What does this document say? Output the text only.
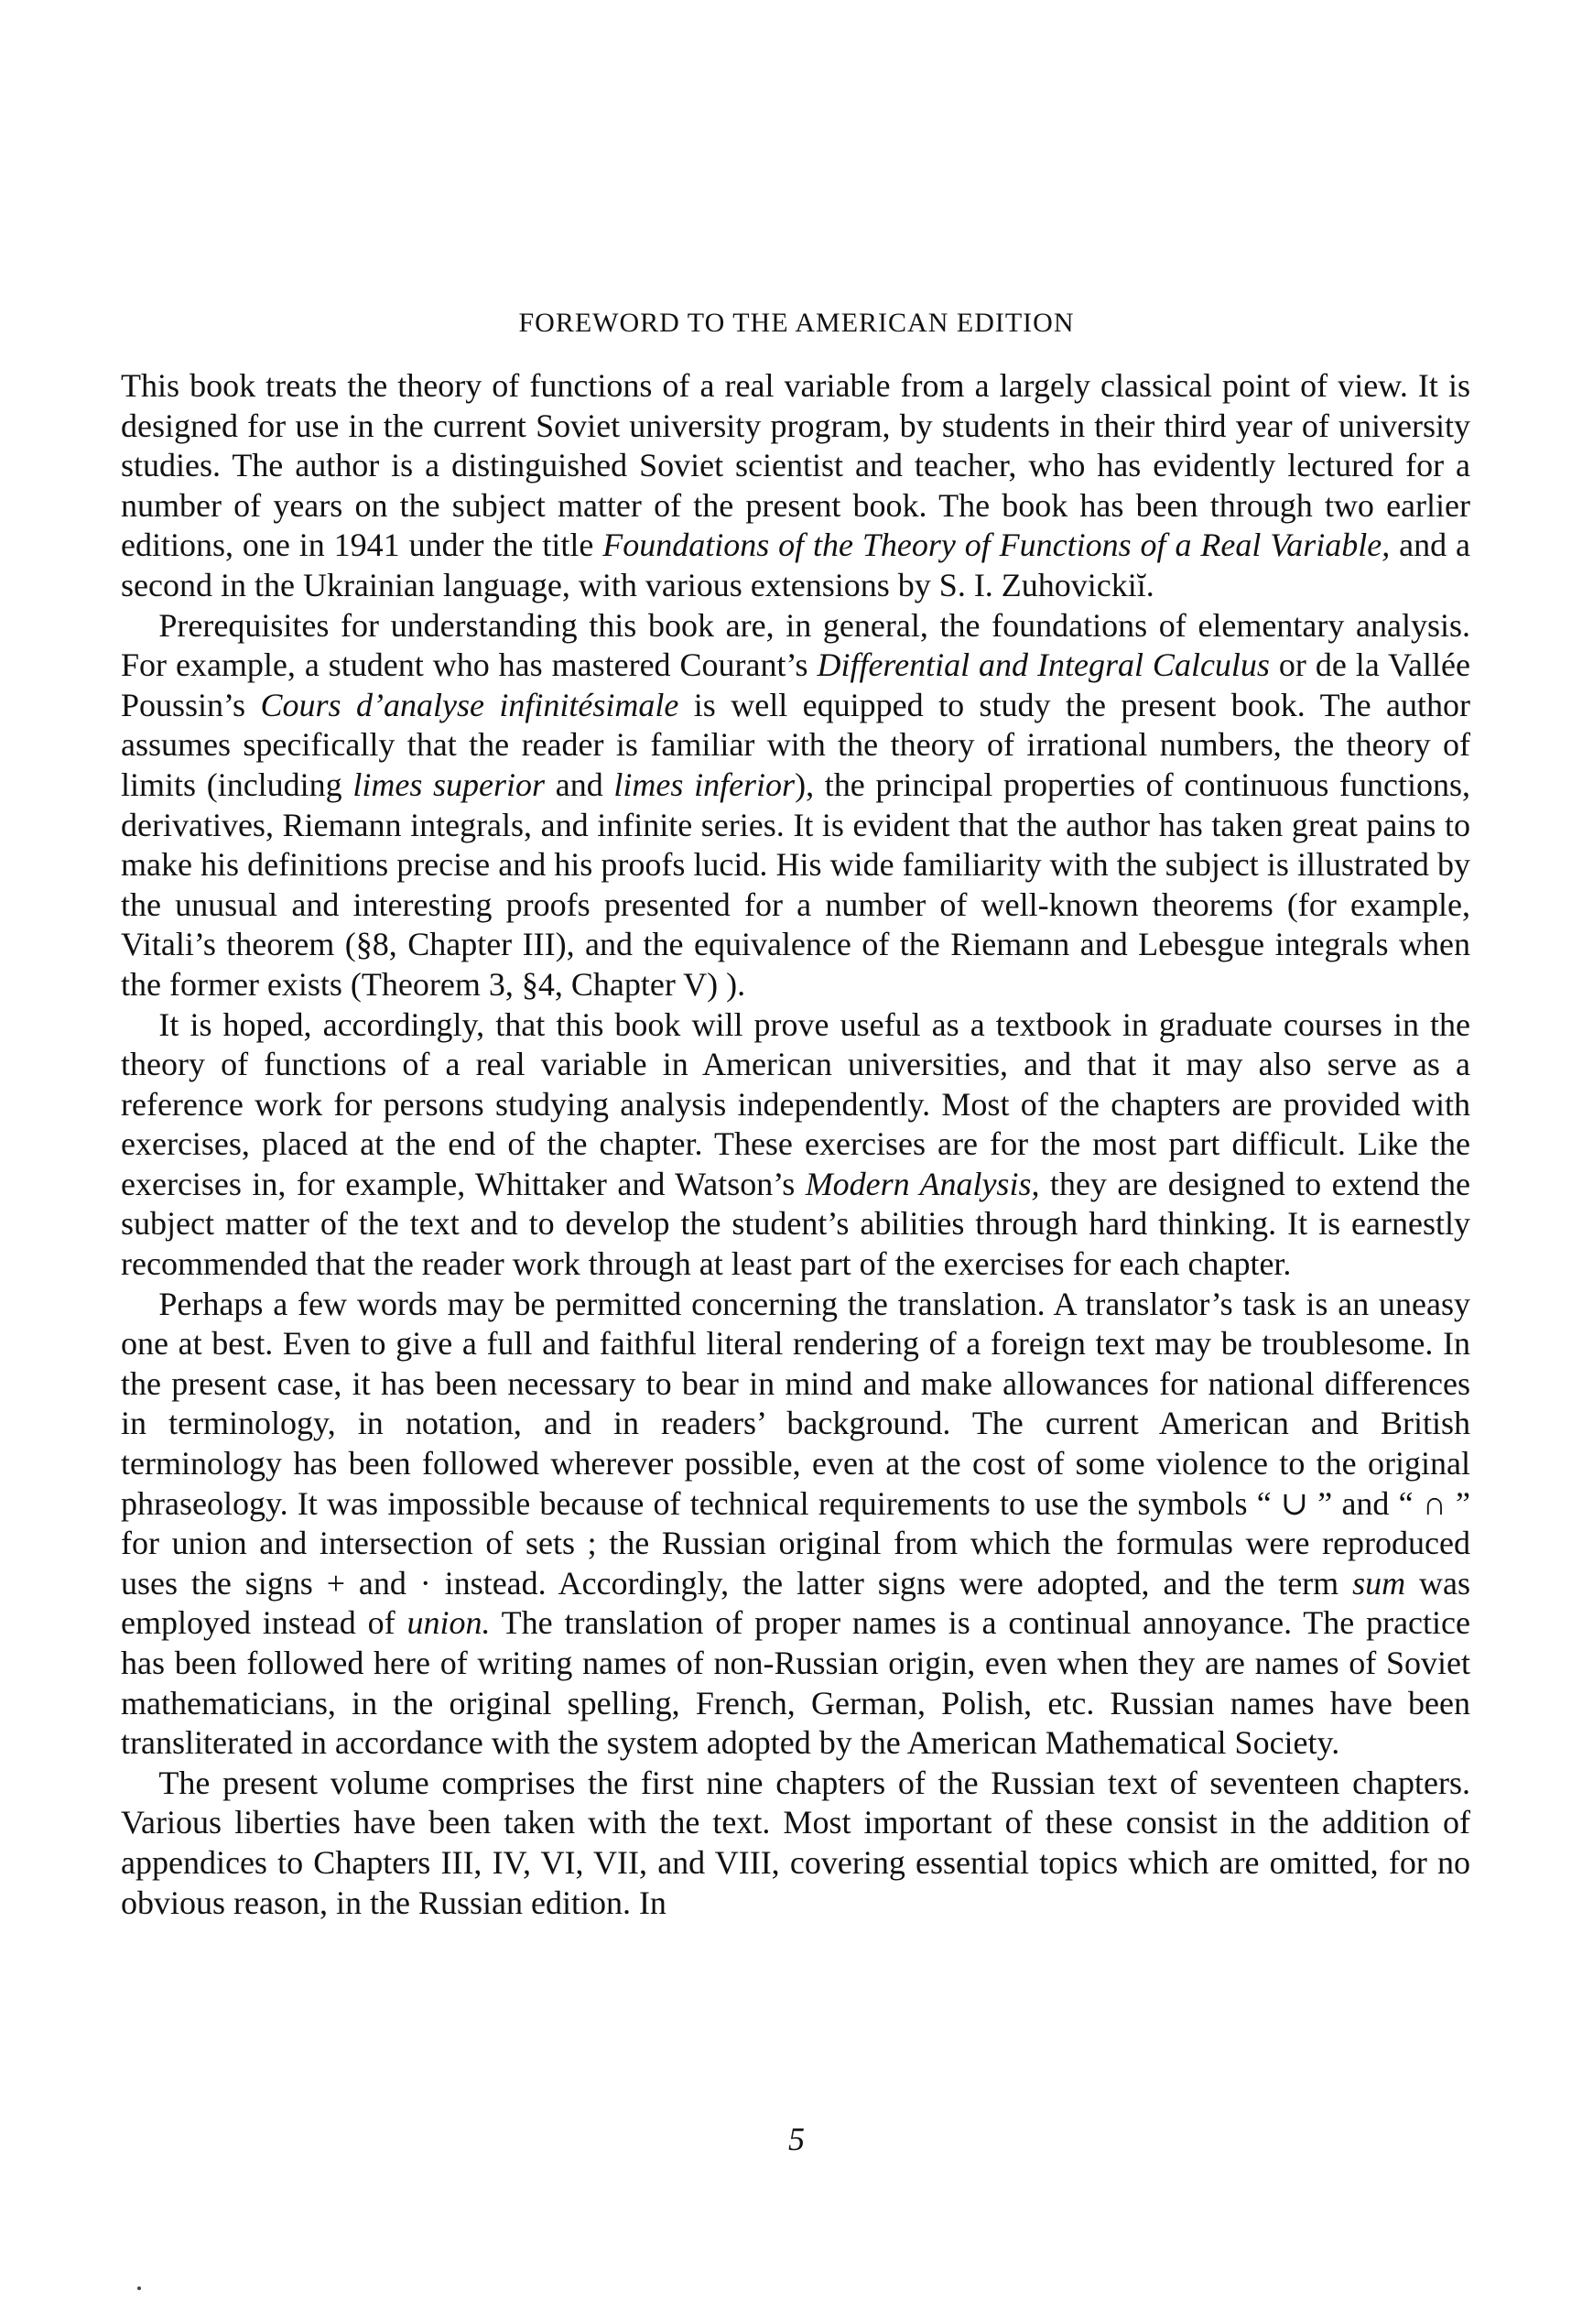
FOREWORD TO THE AMERICAN EDITION

This book treats the theory of functions of a real variable from a largely classical point of view. It is designed for use in the current Soviet university program, by students in their third year of university studies. The author is a distinguished Soviet scientist and teacher, who has evidently lectured for a number of years on the subject matter of the present book. The book has been through two earlier editions, one in 1941 under the title Foundations of the Theory of Functions of a Real Variable, and a second in the Ukrainian language, with various extensions by S. I. Zuhovickiĭ.

Prerequisites for understanding this book are, in general, the foundations of elementary analysis. For example, a student who has mastered Courant’s Differential and Integral Calculus or de la Vallée Poussin’s Cours d’analyse infinitésimale is well equipped to study the present book. The author assumes specifically that the reader is familiar with the theory of irrational numbers, the theory of limits (including limes superior and limes inferior), the principal properties of continuous functions, derivatives, Riemann integrals, and infinite series. It is evident that the author has taken great pains to make his definitions precise and his proofs lucid. His wide familiarity with the subject is illustrated by the unusual and interesting proofs presented for a number of well-known theorems (for example, Vitali’s theorem (§8, Chapter III), and the equivalence of the Riemann and Lebesgue integrals when the former exists (Theorem 3, §4, Chapter V) ).

It is hoped, accordingly, that this book will prove useful as a textbook in graduate courses in the theory of functions of a real variable in American universities, and that it may also serve as a reference work for persons studying analysis independently. Most of the chapters are provided with exercises, placed at the end of the chapter. These exercises are for the most part difficult. Like the exercises in, for example, Whittaker and Watson’s Modern Analysis, they are designed to extend the subject matter of the text and to develop the student’s abilities through hard thinking. It is earnestly recommended that the reader work through at least part of the exercises for each chapter.

Perhaps a few words may be permitted concerning the translation. A translator’s task is an uneasy one at best. Even to give a full and faithful literal rendering of a foreign text may be troublesome. In the present case, it has been necessary to bear in mind and make allowances for national differences in terminology, in notation, and in readers’ background. The current American and British terminology has been followed wherever possible, even at the cost of some violence to the original phraseology. It was impossible because of technical requirements to use the symbols “ ∪ ” and “ ∩ ” for union and intersection of sets ; the Russian original from which the formulas were reproduced uses the signs + and · instead. Accordingly, the latter signs were adopted, and the term sum was employed instead of union. The translation of proper names is a continual annoyance. The practice has been followed here of writing names of non-Russian origin, even when they are names of Soviet mathematicians, in the original spelling, French, German, Polish, etc. Russian names have been transliterated in accordance with the system adopted by the American Mathematical Society.

The present volume comprises the first nine chapters of the Russian text of seventeen chapters. Various liberties have been taken with the text. Most important of these consist in the addition of appendices to Chapters III, IV, VI, VII, and VIII, covering essential topics which are omitted, for no obvious reason, in the Russian edition. In

5
